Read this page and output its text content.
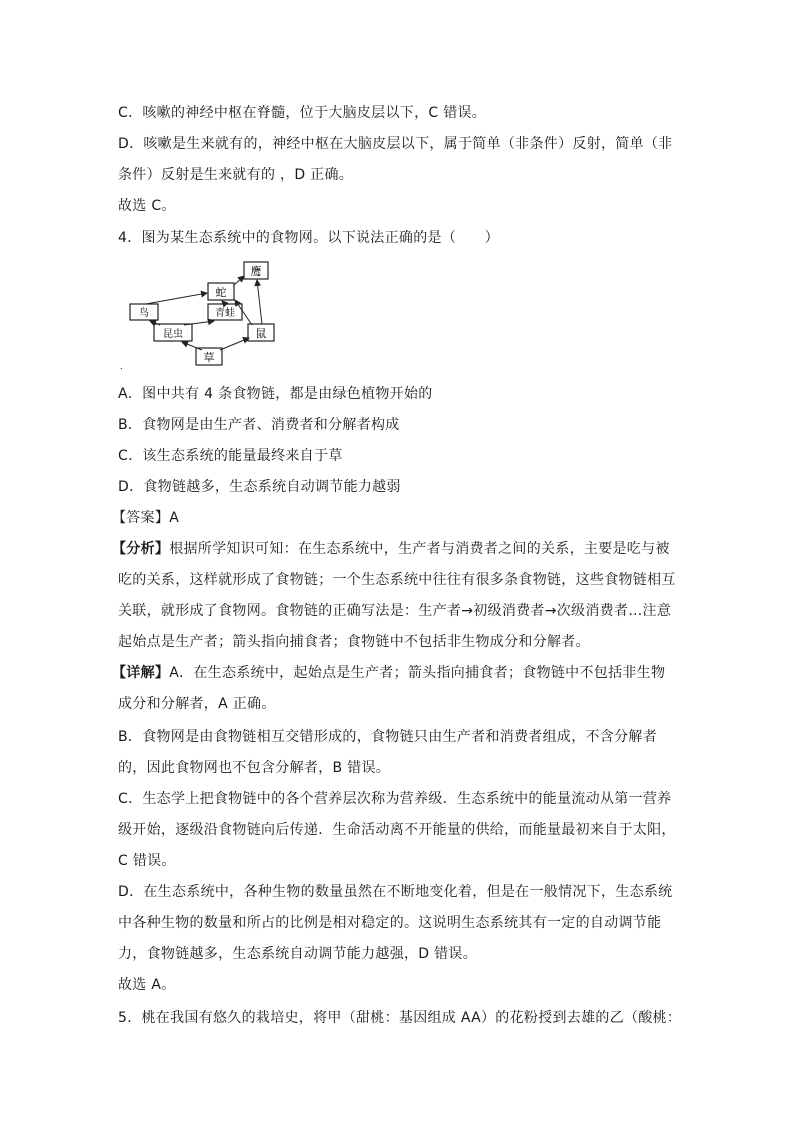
C．咳嗽的神经中枢在脊髓，位于大脑皮层以下，C 错误。
D．咳嗽是生来就有的，神经中枢在大脑皮层以下，属于简单（非条件）反射，简单（非
条件）反射是生来就有的 ，D 正确。
故选 C。
4．图为某生态系统中的食物网。以下说法正确的是（　　）
鹰
蛇
鸟	青蛙
昆虫	鼠
草
.
A．图中共有 4 条食物链，都是由绿色植物开始的
B．食物网是由生产者、消费者和分解者构成
C．该生态系统的能量最终来自于草
D．食物链越多，生态系统自动调节能力越弱
【答案】A
【分析】根据所学知识可知：在生态系统中，生产者与消费者之间的关系，主要是吃与被
吃的关系，这样就形成了食物链；一个生态系统中往往有很多条食物链，这些食物链相互
关联，就形成了食物网。食物链的正确写法是：生产者→初级消费者→次级消费者…注意
起始点是生产者；箭头指向捕食者；食物链中不包括非生物成分和分解者。
【详解】A．在生态系统中，起始点是生产者；箭头指向捕食者；食物链中不包括非生物
成分和分解者，A 正确。
B．食物网是由食物链相互交错形成的，食物链只由生产者和消费者组成，不含分解者
的，因此食物网也不包含分解者，B 错误。
C．生态学上把食物链中的各个营养层次称为营养级．生态系统中的能量流动从第一营养
级开始，逐级沿食物链向后传递．生命活动离不开能量的供给，而能量最初来自于太阳，
C 错误。
D．在生态系统中，各种生物的数量虽然在不断地变化着，但是在一般情况下，生态系统
中各种生物的数量和所占的比例是相对稳定的。这说明生态系统其有一定的自动调节能
力，食物链越多，生态系统自动调节能力越强，D 错误。
故选 A。
5．桃在我国有悠久的栽培史，将甲（甜桃：基因组成 AA）的花粉授到去雄的乙（酸桃：
